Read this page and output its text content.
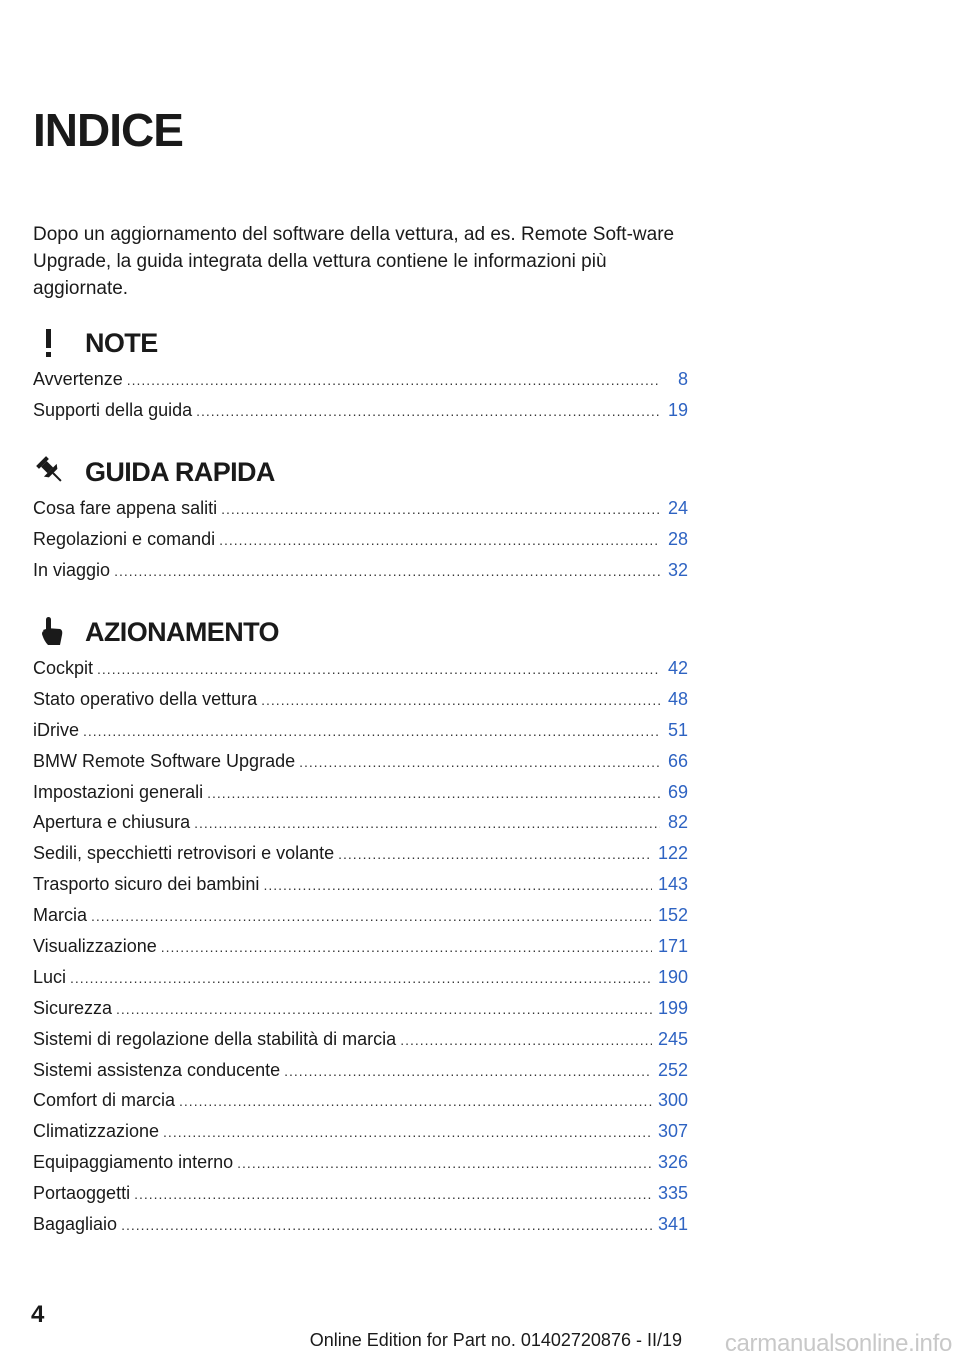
INDICE

Dopo un aggiornamento del software della vettura, ad es. Remote Soft-ware Upgrade, la guida integrata della vettura contiene le informazioni più aggiornate.

NOTE
Avvertenze .....	8
Supporti della guida .....	19
GUIDA RAPIDA
Cosa fare appena saliti .....	24
Regolazioni e comandi .....	28
In viaggio .....	32
AZIONAMENTO
Cockpit .....	42
Stato operativo della vettura .....	48
iDrive .....	51
BMW Remote Software Upgrade .....	66
Impostazioni generali .....	69
Apertura e chiusura .....	82
Sedili, specchietti retrovisori e volante .....	122
Trasporto sicuro dei bambini .....	143
Marcia .....	152
Visualizzazione .....	171
Luci .....	190
Sicurezza .....	199
Sistemi di regolazione della stabilità di marcia .....	245
Sistemi assistenza conducente .....	252
Comfort di marcia .....	300
Climatizzazione .....	307
Equipaggiamento interno .....	326
Portaoggetti .....	335
Bagagliaio .....	341

4

Online Edition for Part no. 01402720876 - II/19 carmanualsonline.info
